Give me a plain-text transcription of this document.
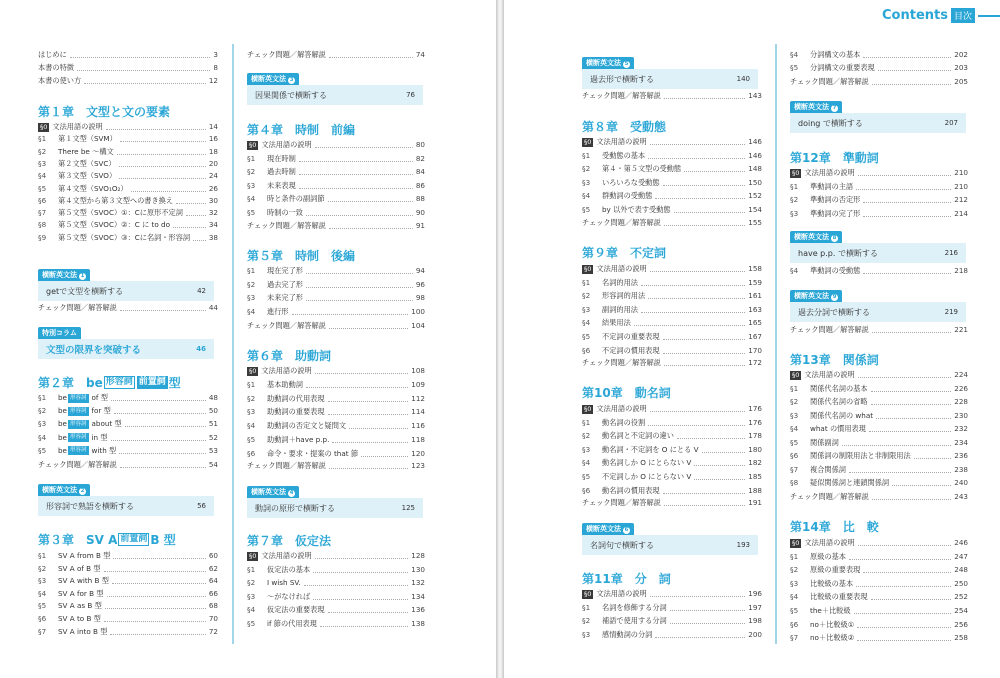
Contents 目次
はじめに	3
本書の特徴	8
本書の使い方	12
第１章　文型と文の要素
§0 文法用語の説明	14
§1	第１文型（SVM）	16
§2	There be ～構文	18
§3	第２文型（SVC）	20
§4	第３文型（SVO）	24
§5	第４文型（SVO₁O₂）	26
§6	第４文型から第３文型への書き換え	30
§7	第５文型（SVOC）①：Cに原形不定詞	32
§8	第５文型（SVOC）②：C に to do	34
§9	第５文型（SVOC）③：Cに名詞・形容詞	38
横断英文法 1
getで文型を横断する	42
チェック問題／解答解説	44
特別コラム
文型の限界を突破する	46
第２章　be 形容詞 前置詞 型
§1	be 形容詞 of 型	48
§2	be 形容詞 for 型	50
§3	be 形容詞 about 型	51
§4	be 形容詞 in 型	52
§5	be 形容詞 with 型	53
チェック問題／解答解説	54
横断英文法 2
形容詞で熟語を横断する	56
第３章　SV A 前置詞 B 型
§1	SV A from B 型	60
§2	SV A of B 型	62
§3	SV A with B 型	64
§4	SV A for B 型	66
§5	SV A as B 型	68
§6	SV A to B 型	70
§7	SV A into B 型	72
チェック問題／解答解説	74
横断英文法 3
因果関係で横断する	76
第４章　時制　前編
§0 文法用語の説明	80
§1	現在時制	82
§2	過去時制	84
§3	未来表現	86
§4	時と条件の副詞節	88
§5	時制の一致	90
チェック問題／解答解説	91
第５章　時制　後編
§1	現在完了形	94
§2	過去完了形	96
§3	未来完了形	98
§4	進行形	100
チェック問題／解答解説	104
第６章　助動詞
§0 文法用語の説明	108
§1	基本助動詞	109
§2	助動詞の代用表現	112
§3	助動詞の重要表現	114
§4	助動詞の否定文と疑問文	116
§5	助動詞＋have p.p.	118
§6	命令・要求・提案の that 節	120
チェック問題／解答解説	123
横断英文法 4
動詞の原形で横断する	125
第７章　仮定法
§0 文法用語の説明	128
§1	仮定法の基本	130
§2	I wish SV.	132
§3	～がなければ	134
§4	仮定法の重要表現	136
§5	if 節の代用表現	138
横断英文法 5
過去形で横断する	140
チェック問題／解答解説	143
第８章　受動態
§0 文法用語の説明	146
§1	受動態の基本	146
§2	第４・第５文型の受動態	148
§3	いろいろな受動態	150
§4	群動詞の受動態	152
§5	by 以外で表す受動態	154
チェック問題／解答解説	155
第９章　不定詞
§0 文法用語の説明	158
§1	名詞的用法	159
§2	形容詞的用法	161
§3	副詞的用法	163
§4	結果用法	165
§5	不定詞の重要表現	167
§6	不定詞の慣用表現	170
チェック問題／解答解説	172
第10章　動名詞
§0 文法用語の説明	176
§1	動名詞の役割	176
§2	動名詞と不定詞の違い	178
§3	動名詞・不定詞を O にとる V	180
§4	動名詞しか O にとらない V	182
§5	不定詞しか O にとらない V	185
§6	動名詞の慣用表現	188
チェック問題／解答解説	191
横断英文法 6
名詞句で横断する	193
第11章　分　詞
§0 文法用語の説明	196
§1	名詞を修飾する分詞	197
§2	補語で使用する分詞	198
§3	感情動詞の分詞	200
§4	分詞構文の基本	202
§5	分詞構文の重要表現	203
チェック問題／解答解説	205
横断英文法 7
doing で横断する	207
第12章　準動詞
§0 文法用語の説明	210
§1	準動詞の主語	210
§2	準動詞の否定形	212
§3	準動詞の完了形	214
横断英文法 8
have p.p. で横断する	216
§4	準動詞の受動態	218
横断英文法 9
過去分詞で横断する	219
チェック問題／解答解説	221
第13章　関係詞
§0 文法用語の説明	224
§1	関係代名詞の基本	226
§2	関係代名詞の省略	228
§3	関係代名詞の what	230
§4	what の慣用表現	232
§5	関係副詞	234
§6	関係詞の制限用法と非制限用法	236
§7	複合関係詞	238
§8	疑似関係詞と連鎖関係詞	240
チェック問題／解答解説	243
第14章　比　較
§0 文法用語の説明	246
§1	原級の基本	247
§2	原級の重要表現	248
§3	比較級の基本	250
§4	比較級の重要表現	252
§5	the＋比較級	254
§6	no＋比較級①	256
§7	no＋比較級②	258
